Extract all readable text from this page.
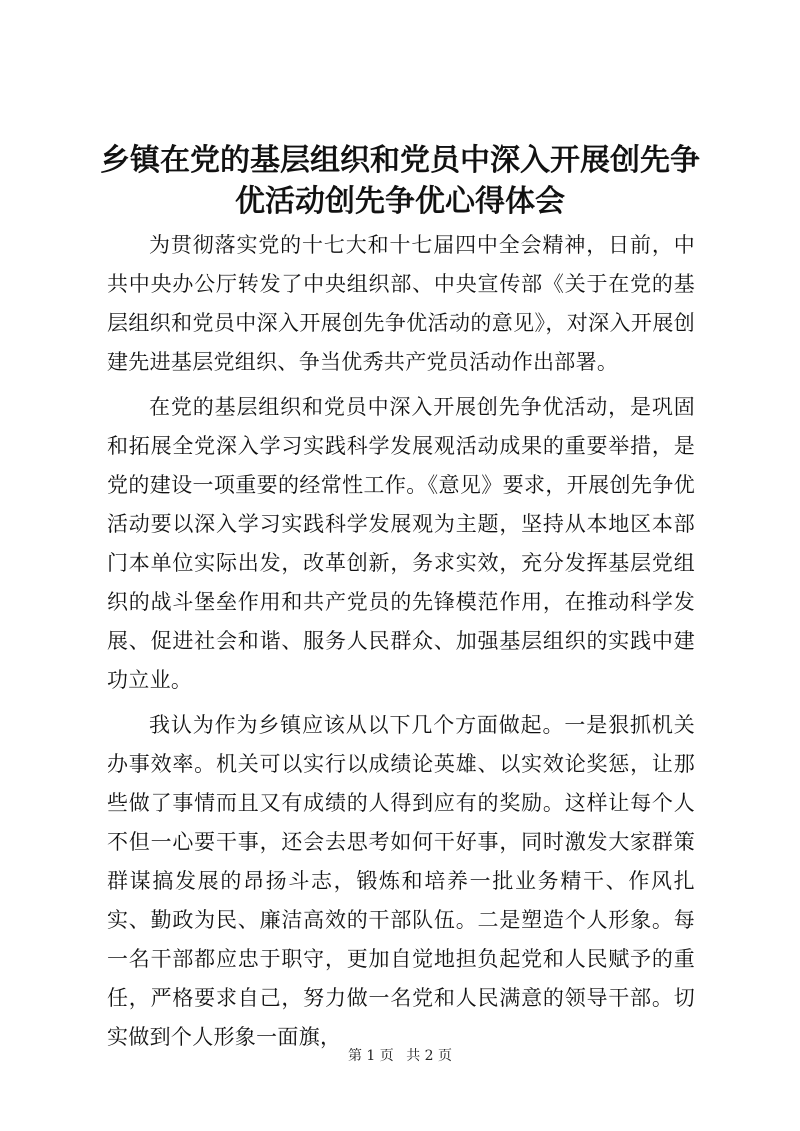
乡镇在党的基层组织和党员中深入开展创先争优活动创先争优心得体会

为贯彻落实党的十七大和十七届四中全会精神，日前，中共中央办公厅转发了中央组织部、中央宣传部《关于在党的基层组织和党员中深入开展创先争优活动的意见》，对深入开展创建先进基层党组织、争当优秀共产党员活动作出部署。

在党的基层组织和党员中深入开展创先争优活动，是巩固和拓展全党深入学习实践科学发展观活动成果的重要举措，是党的建设一项重要的经常性工作。《意见》要求，开展创先争优活动要以深入学习实践科学发展观为主题，坚持从本地区本部门本单位实际出发，改革创新，务求实效，充分发挥基层党组织的战斗堡垒作用和共产党员的先锋模范作用，在推动科学发展、促进社会和谐、服务人民群众、加强基层组织的实践中建功立业。

我认为作为乡镇应该从以下几个方面做起。一是狠抓机关办事效率。机关可以实行以成绩论英雄、以实效论奖惩，让那些做了事情而且又有成绩的人得到应有的奖励。这样让每个人不但一心要干事，还会去思考如何干好事，同时激发大家群策群谋搞发展的昂扬斗志，锻炼和培养一批业务精干、作风扎实、勤政为民、廉洁高效的干部队伍。二是塑造个人形象。每一名干部都应忠于职守，更加自觉地担负起党和人民赋予的重任，严格要求自己，努力做一名党和人民满意的领导干部。切实做到个人形象一面旗，

第 1 页 共 2 页
